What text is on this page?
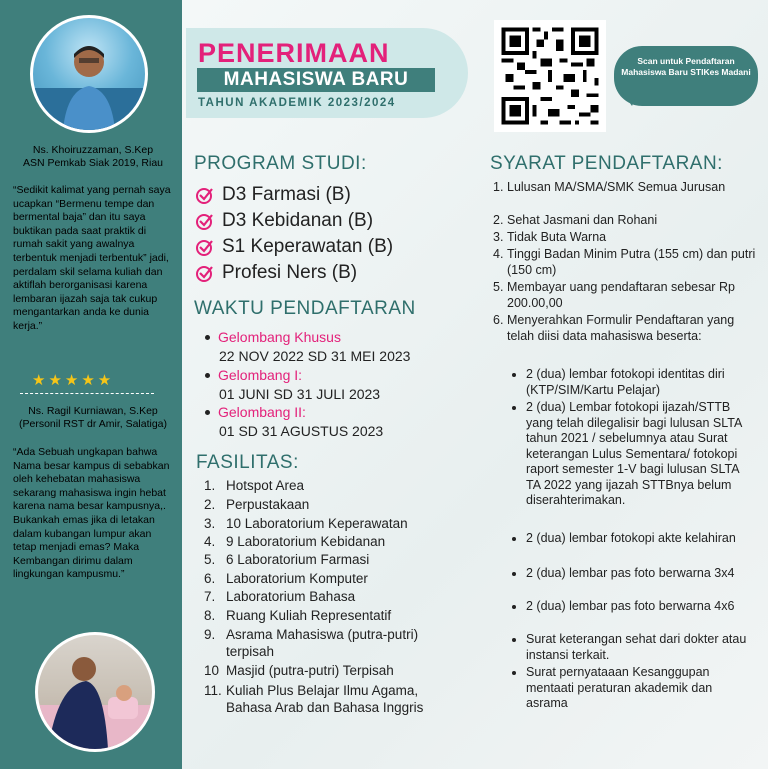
Ns. Khoiruzzaman, S.Kep
ASN Pemkab Siak 2019, Riau
“Sedikit kalimat yang pernah saya ucapkan “Bermenu tempe dan bermental baja” dan itu saya buktikan pada saat praktik di rumah sakit yang awalnya terbentuk menjadi terbentuk” jadi, perdalam skil selama kuliah dan aktiflah berorganisasi karena lembaran ijazah saja tak cukup mengantarkan anda ke dunia kerja.”
★★★★★
Ns. Ragil Kurniawan, S.Kep
(Personil RST dr Amir, Salatiga)
“Ada Sebuah ungkapan bahwa Nama besar kampus di sebabkan oleh kehebatan mahasiswa sekarang mahasiswa ingin hebat karena nama besar kampusnya,. Bukankah emas jika di letakan dalam kubangan lumpur akan tetap menjadi emas? Maka Kembangan dirimu dalam lingkungan kampusmu.”
PENERIMAAN
MAHASISWA BARU
TAHUN AKADEMIK 2023/2024
Scan untuk Pendaftaran Mahasiswa Baru STIKes Madani
PROGRAM STUDI:
D3 Farmasi (B)
D3 Kebidanan (B)
S1 Keperawatan (B)
Profesi Ners (B)
WAKTU PENDAFTARAN
Gelombang Khusus
22 NOV 2022 SD 31 MEI 2023
Gelombang I:
01 JUNI SD 31 JULI 2023
Gelombang II:
01 SD 31 AGUSTUS 2023
FASILITAS:
1. Hotspot Area
2. Perpustakaan
3. 10 Laboratorium Keperawatan
4. 9 Laboratorium Kebidanan
5. 6 Laboratorium Farmasi
6. Laboratorium Komputer
7. Laboratorium Bahasa
8. Ruang Kuliah Representatif
9. Asrama Mahasiswa (putra-putri)
terpisah
10 Masjid (putra-putri) Terpisah
11. Kuliah Plus Belajar Ilmu Agama,
Bahasa Arab dan Bahasa Inggris
SYARAT PENDAFTARAN:
1. Lulusan MA/SMA/SMK Semua Jurusan
2. Sehat Jasmani dan Rohani
3. Tidak Buta Warna
4. Tinggi Badan Minim Putra (155 cm) dan putri (150 cm)
5. Membayar uang pendaftaran sebesar Rp 200.00,00
6. Menyerahkan Formulir Pendaftaran yang telah diisi data mahasiswa beserta:
2 (dua) lembar fotokopi identitas diri (KTP/SIM/Kartu Pelajar)
2 (dua) Lembar fotokopi ijazah/STTB yang telah dilegalisir bagi lulusan SLTA tahun 2021 / sebelumnya atau Surat keterangan Lulus Sementara/ fotokopi raport semester 1-V bagi lulusan SLTA TA 2022 yang ijazah STTBnya belum diserahterimakan.
2 (dua) lembar fotokopi akte kelahiran
2 (dua) lembar pas foto berwarna 3x4
2 (dua) lembar pas foto berwarna 4x6
Surat keterangan sehat dari dokter atau instansi terkait.
Surat pernyataaan Kesanggupan mentaati peraturan akademik dan asrama
